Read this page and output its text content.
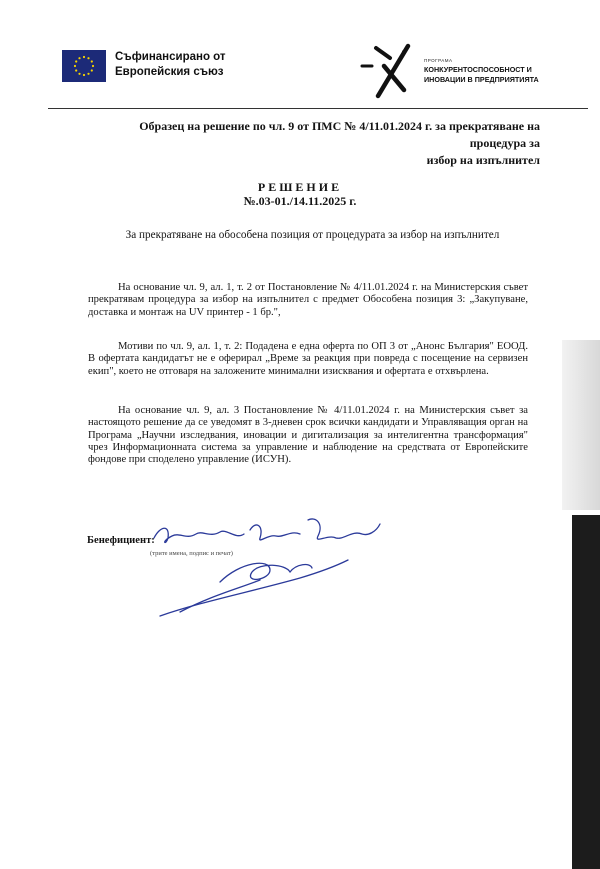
Съфинансирано от
Европейския съюз
ПРОГРАМА
КОНКУРЕНТОСПОСОБНОСТ И
ИНОВАЦИИ В ПРЕДПРИЯТИЯТА
Образец на решение по чл. 9 от ПМС № 4/11.01.2024 г. за прекратяване на процедура за
избор на изпълнител
РЕШЕНИЕ
№.03-01./14.11.2025 г.
За прекратяване на обособена позиция от процедурата за избор на изпълнител
На основание чл. 9, ал. 1, т. 2 от Постановление № 4/11.01.2024 г. на Министерския съвет прекратявам процедура за избор на изпълнител с предмет Обособена позиция 3: „Закупуване, доставка и монтаж на UV принтер - 1 бр.",
Мотиви по чл. 9, ал. 1, т. 2: Подадена е една оферта по ОП 3 от „Анонс България" ЕООД. В офертата кандидатът не е оферирал „Време за реакция при повреда с посещение на сервизен екип", което не отговаря на заложените минимални изисквания и офертата е отхвърлена.
На основание чл. 9, ал. 3 Постановление № 4/11.01.2024 г. на Министерския съвет за настоящото решение да се уведомят в 3-дневен срок всички кандидати и Управляващия орган на Програма „Научни изследвания, иновации и дигитализация за интелигентна трансформация" чрез Информационната система за управление и наблюдение на средствата от Европейските фондове при споделено управление (ИСУН).
Бенефициент:
(трите имена, подпис и печат)
